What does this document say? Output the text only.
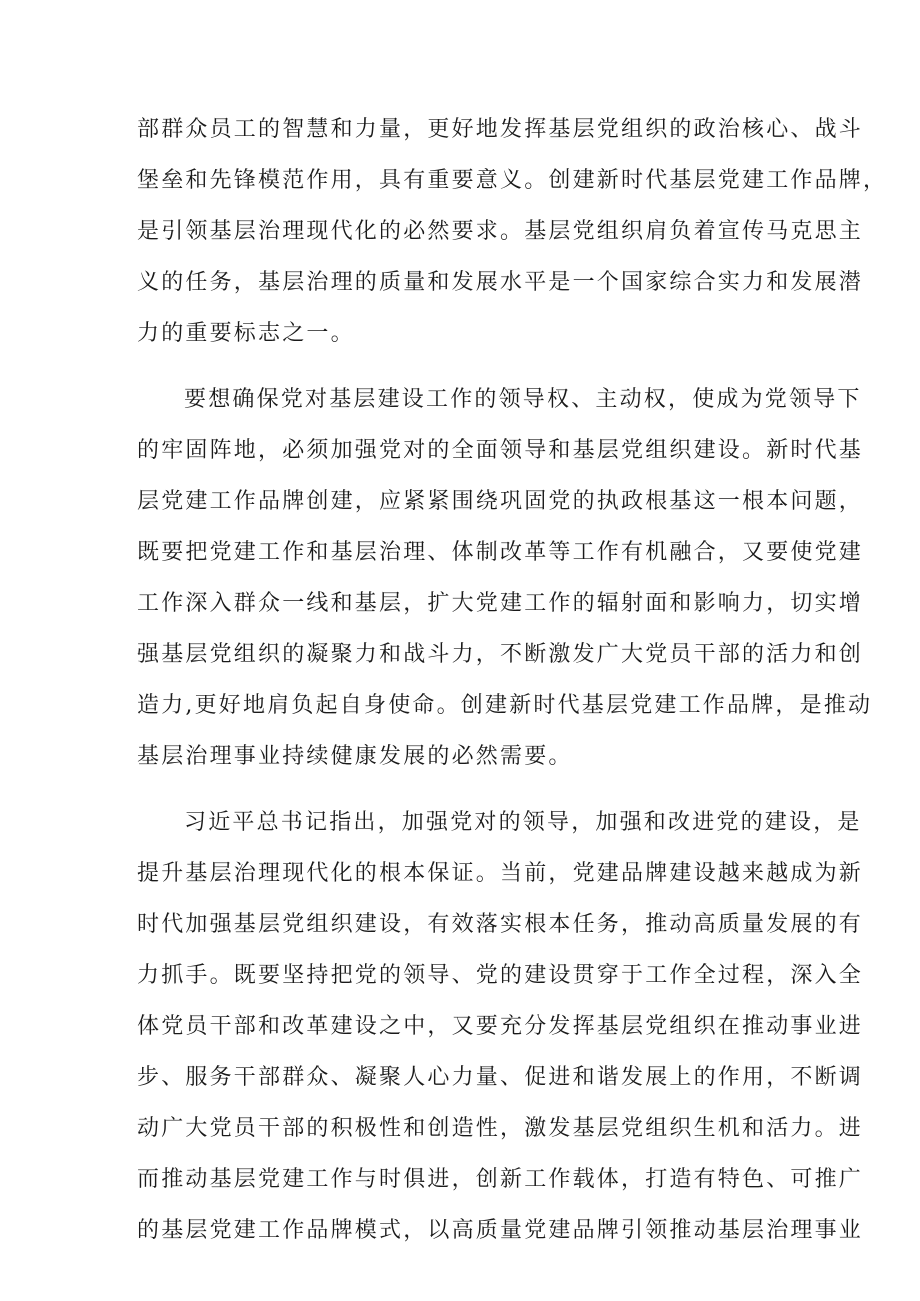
部群众员工的智慧和力量，更好地发挥基层党组织的政治核心、战斗
堡垒和先锋模范作用，具有重要意义。创建新时代基层党建工作品牌，
是引领基层治理现代化的必然要求。基层党组织肩负着宣传马克思主
义的任务，基层治理的质量和发展水平是一个国家综合实力和发展潜
力的重要标志之一。
要想确保党对基层建设工作的领导权、主动权，使成为党领导下
的牢固阵地，必须加强党对的全面领导和基层党组织建设。新时代基
层党建工作品牌创建，应紧紧围绕巩固党的执政根基这一根本问题，
既要把党建工作和基层治理、体制改革等工作有机融合，又要使党建
工作深入群众一线和基层，扩大党建工作的辐射面和影响力，切实增
强基层党组织的凝聚力和战斗力，不断激发广大党员干部的活力和创
造力,更好地肩负起自身使命。创建新时代基层党建工作品牌，是推动
基层治理事业持续健康发展的必然需要。
习近平总书记指出，加强党对的领导，加强和改进党的建设，是
提升基层治理现代化的根本保证。当前，党建品牌建设越来越成为新
时代加强基层党组织建设，有效落实根本任务，推动高质量发展的有
力抓手。既要坚持把党的领导、党的建设贯穿于工作全过程，深入全
体党员干部和改革建设之中，又要充分发挥基层党组织在推动事业进
步、服务干部群众、凝聚人心力量、促进和谐发展上的作用，不断调
动广大党员干部的积极性和创造性，激发基层党组织生机和活力。进
而推动基层党建工作与时俱进，创新工作载体，打造有特色、可推广
的基层党建工作品牌模式，以高质量党建品牌引领推动基层治理事业
